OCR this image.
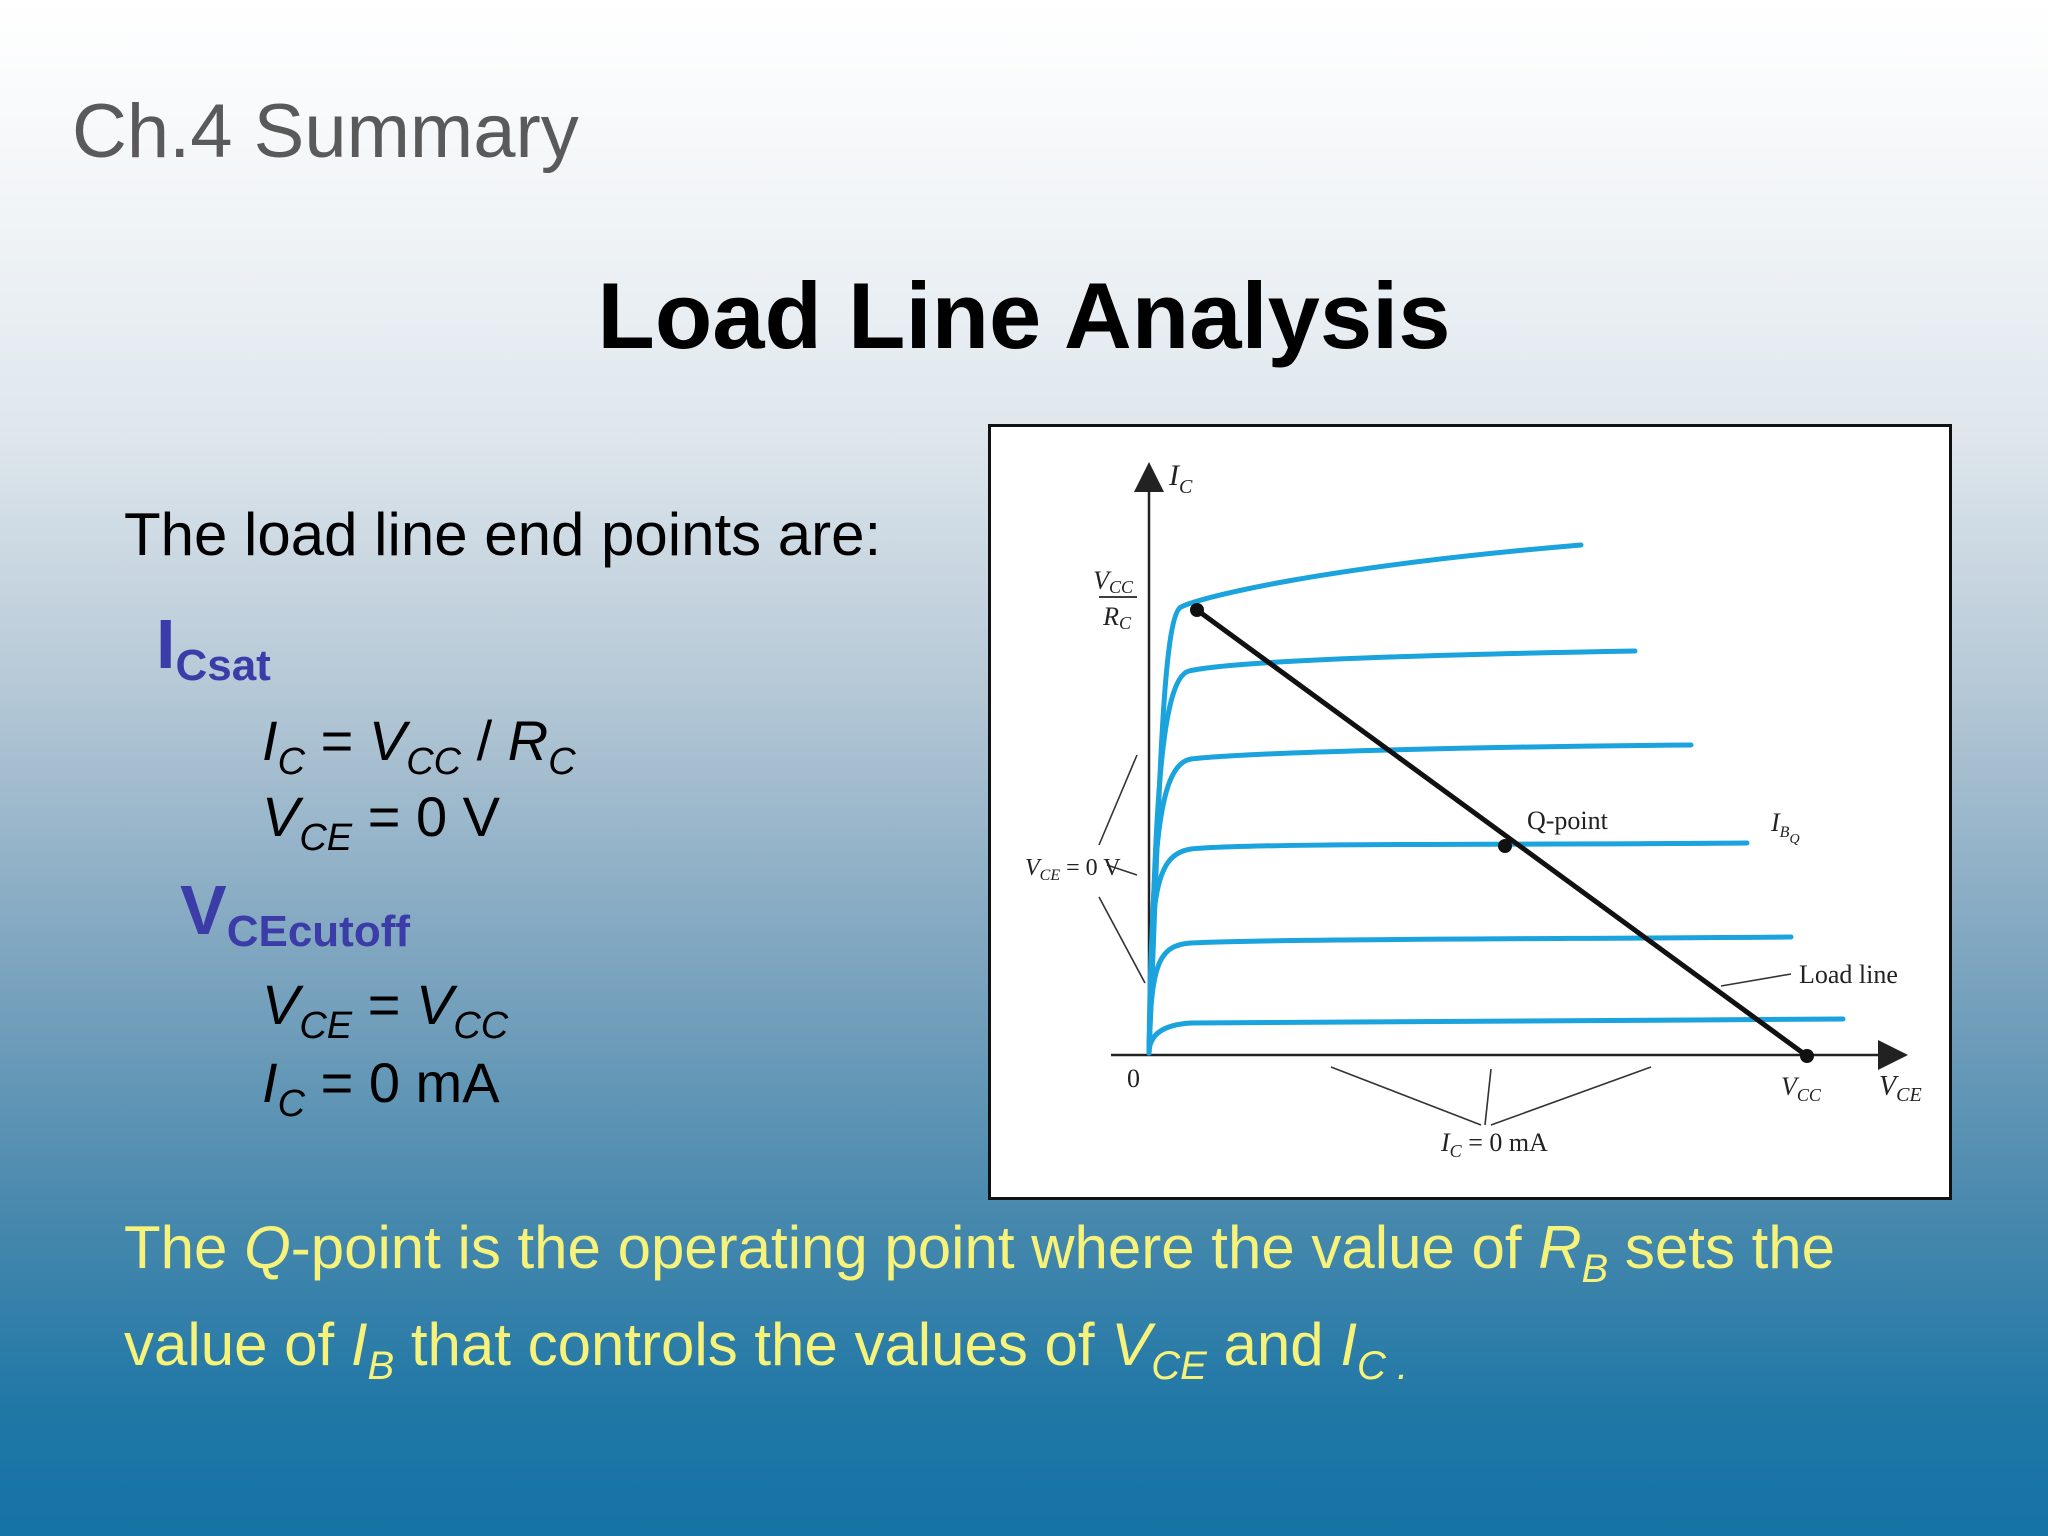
Ch.4 Summary
Load Line Analysis
The load line end points are:
$I_{Csat}$
$I_C = V_{CC} / R_C$
$V_{CE} = 0$ V
$V_{CEcutoff}$
$V_{CE} = V_{CC}$
$I_C = 0$ mA
$I_C$
$V_{CE}$
0
VCC
RC
$V_{CE} = 0$ V
Q-point	$I_{BQ}$
Load line
$V_{CC}$
$I_C = 0$ mA
The Q-point is the operating point where the value of $R_B$ sets the value of $I_B$ that controls the values of $V_{CE}$ and $I_{C .}$
